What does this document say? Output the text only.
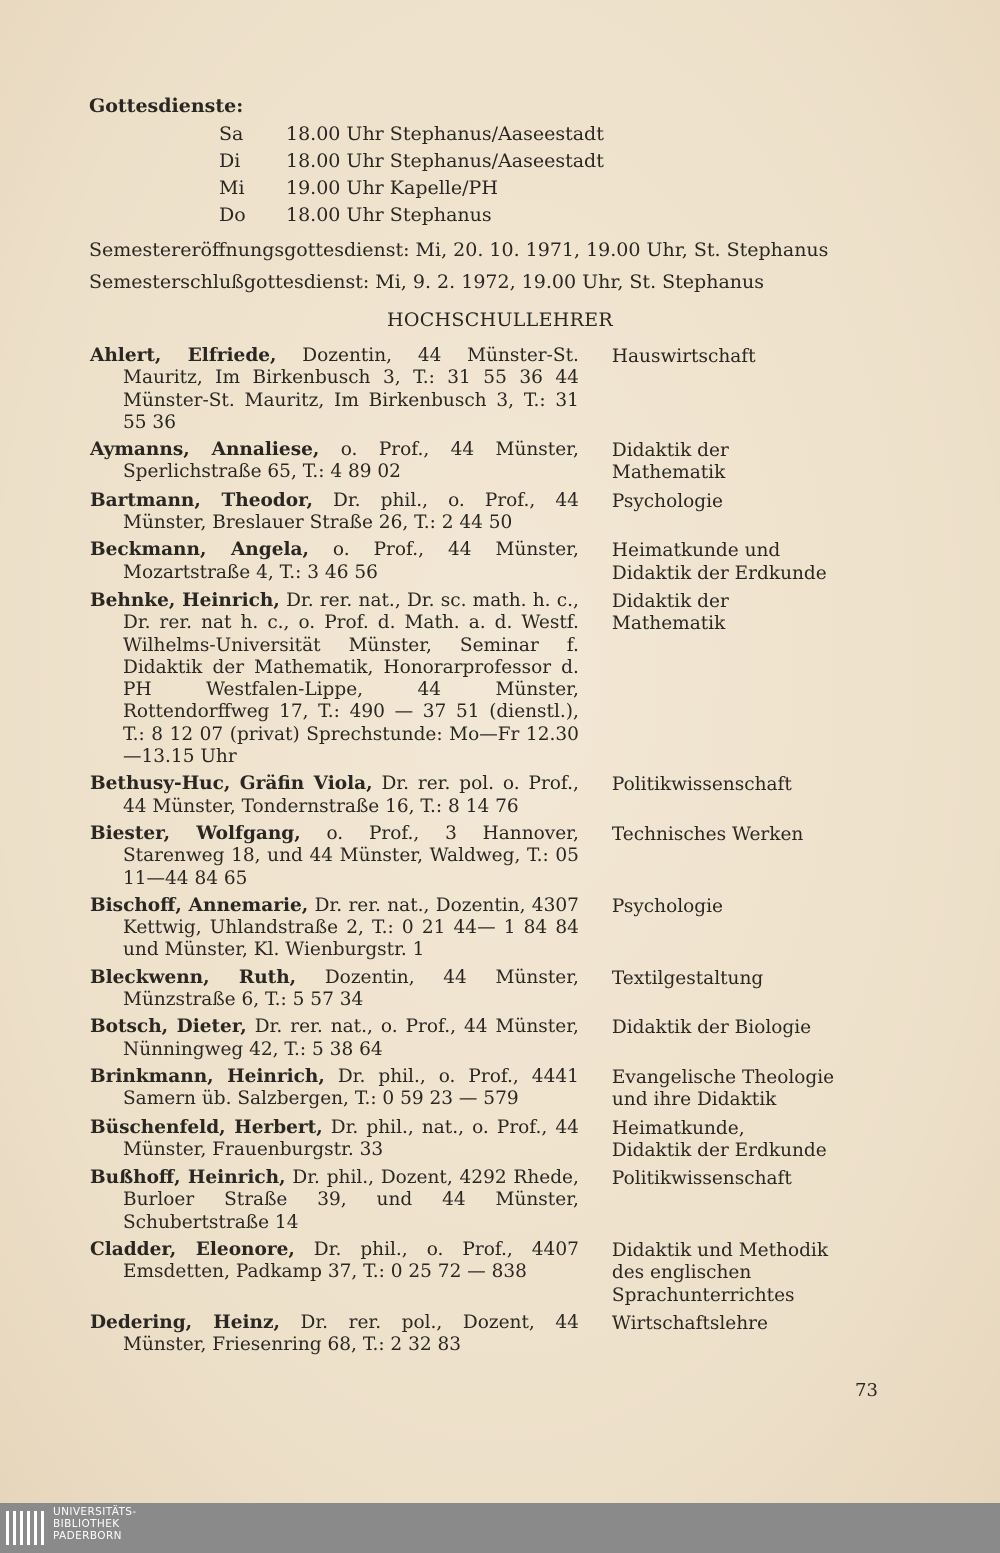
Gottesdienste:
Sa 18.00 Uhr Stephanus/Aaseestadt
Di 18.00 Uhr Stephanus/Aaseestadt
Mi 19.00 Uhr Kapelle/PH
Do 18.00 Uhr Stephanus
Semestereröffnungsgottesdienst: Mi, 20. 10. 1971, 19.00 Uhr, St. Stephanus
Semesterschlußgottesdienst: Mi, 9. 2. 1972, 19.00 Uhr, St. Stephanus
HOCHSCHULLEHRER
Ahlert, Elfriede, Dozentin, 44 Münster-St. Mauritz, Im Birkenbusch 3, T.: 31 55 36 44 Münster-St. Mauritz, Im Birkenbusch 3, T.: 31 55 36
Hauswirtschaft
Aymanns, Annaliese, o. Prof., 44 Münster, Sperlichstraße 65, T.: 4 89 02
Didaktik der
Mathematik
Bartmann, Theodor, Dr. phil., o. Prof., 44 Münster, Breslauer Straße 26, T.: 2 44 50
Psychologie
Beckmann, Angela, o. Prof., 44 Münster, Mozartstraße 4, T.: 3 46 56
Heimatkunde und
Didaktik der Erdkunde
Behnke, Heinrich, Dr. rer. nat., Dr. sc. math. h. c., Dr. rer. nat h. c., o. Prof. d. Math. a. d. Westf. Wilhelms-Universität Münster, Seminar f. Didaktik der Mathematik, Honorarprofessor d. PH Westfalen-Lippe, 44 Münster, Rottendorffweg 17, T.: 490 — 37 51 (dienstl.), T.: 8 12 07 (privat) Sprechstunde: Mo—Fr 12.30—13.15 Uhr
Didaktik der
Mathematik
Bethusy-Huc, Gräfin Viola, Dr. rer. pol. o. Prof., 44 Münster, Tondernstraße 16, T.: 8 14 76
Politikwissenschaft
Biester, Wolfgang, o. Prof., 3 Hannover, Starenweg 18, und 44 Münster, Waldweg, T.: 05 11—44 84 65
Technisches Werken
Bischoff, Annemarie, Dr. rer. nat., Dozentin, 4307 Kettwig, Uhlandstraße 2, T.: 0 21 44— 1 84 84 und Münster, Kl. Wienburgstr. 1
Psychologie
Bleckwenn, Ruth, Dozentin, 44 Münster, Münzstraße 6, T.: 5 57 34
Textilgestaltung
Botsch, Dieter, Dr. rer. nat., o. Prof., 44 Münster, Nünningweg 42, T.: 5 38 64
Didaktik der Biologie
Brinkmann, Heinrich, Dr. phil., o. Prof., 4441 Samern üb. Salzbergen, T.: 0 59 23 — 579
Evangelische Theologie
und ihre Didaktik
Büschenfeld, Herbert, Dr. phil., nat., o. Prof., 44 Münster, Frauenburgstr. 33
Heimatkunde,
Didaktik der Erdkunde
Bußhoff, Heinrich, Dr. phil., Dozent, 4292 Rhede, Burloer Straße 39, und 44 Münster, Schubertstraße 14
Politikwissenschaft
Cladder, Eleonore, Dr. phil., o. Prof., 4407 Emsdetten, Padkamp 37, T.: 0 25 72 — 838
Didaktik und Methodik
des englischen
Sprachunterrichtes
Dedering, Heinz, Dr. rer. pol., Dozent, 44 Münster, Friesenring 68, T.: 2 32 83
Wirtschaftslehre
73
UNIVERSITÄTS-
BIBLIOTHEK
PADERBORN
